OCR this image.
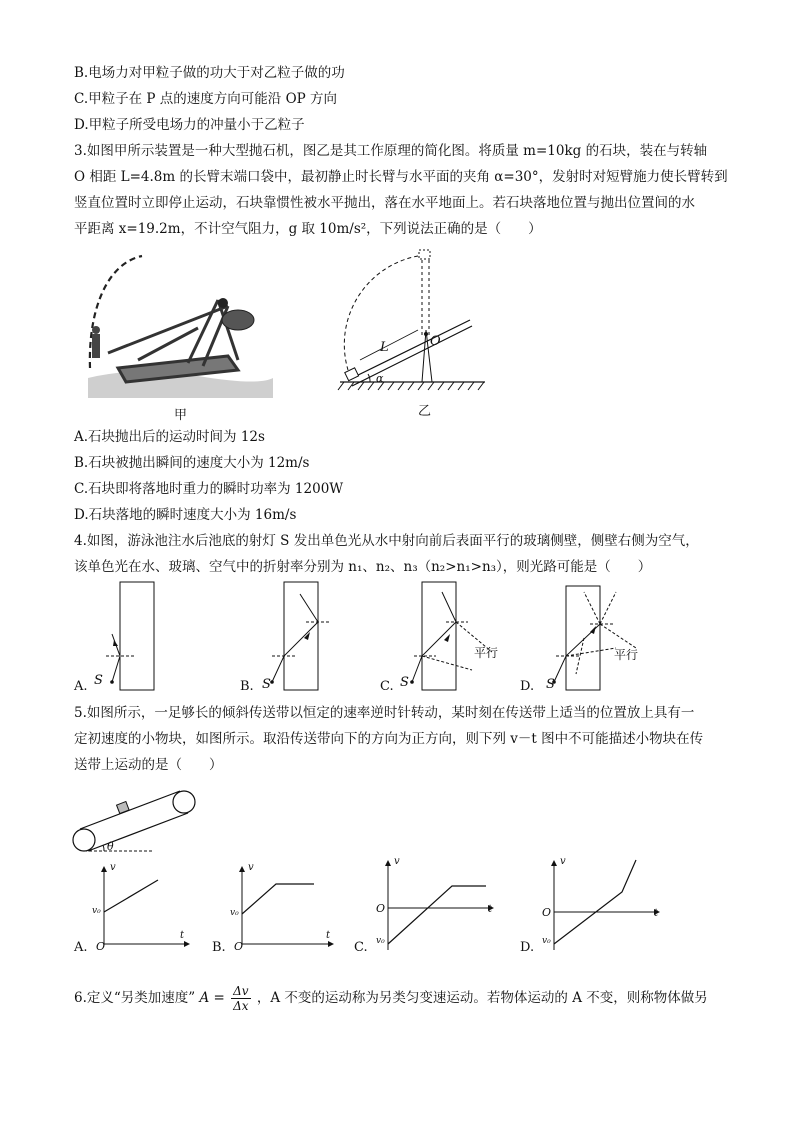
B.电场力对甲粒子做的功大于对乙粒子做的功
C.甲粒子在 P 点的速度方向可能沿 OP 方向
D.甲粒子所受电场力的冲量小于乙粒子
3.如图甲所示装置是一种大型抛石机，图乙是其工作原理的简化图。将质量 m=10kg 的石块，装在与转轴
O 相距 L=4.8m 的长臂末端口袋中，最初静止时长臂与水平面的夹角 α=30°，发射时对短臂施力使长臂转到
竖直位置时立即停止运动，石块靠惯性被水平抛出，落在水平地面上。若石块落地位置与抛出位置间的水
平距离 x=19.2m，不计空气阻力，g 取 10m/s²，下列说法正确的是（　　）
甲
L	O
α
乙
A.石块抛出后的运动时间为 12s
B.石块被抛出瞬间的速度大小为 12m/s
C.石块即将落地时重力的瞬时功率为 1200W
D.石块落地的瞬时速度大小为 16m/s
4.如图，游泳池注水后池底的射灯 S 发出单色光从水中射向前后表面平行的玻璃侧壁，侧壁右侧为空气，
该单色光在水、玻璃、空气中的折射率分别为 n₁、n₂、n₃（n₂>n₁>n₃），则光路可能是（　　）
A.	B.	C.	D.
S	S	S	S
平行	平行
5.如图所示，一足够长的倾斜传送带以恒定的速率逆时针转动，某时刻在传送带上适当的位置放上具有一
定初速度的小物块，如图所示。取沿传送带向下的方向为正方向，则下列 v－t 图中不可能描述小物块在传
送带上运动的是（　　）
θ
A.	B.	C.	D.
v
t
O
v₀
v
t
O
v₀
v
t
O
v₀
v
t
O
v₀
6.定义“另类加速度” $A = \frac{\Delta v}{\Delta x}$ ，A 不变的运动称为另类匀变速运动。若物体运动的 A 不变，则称物体做另
